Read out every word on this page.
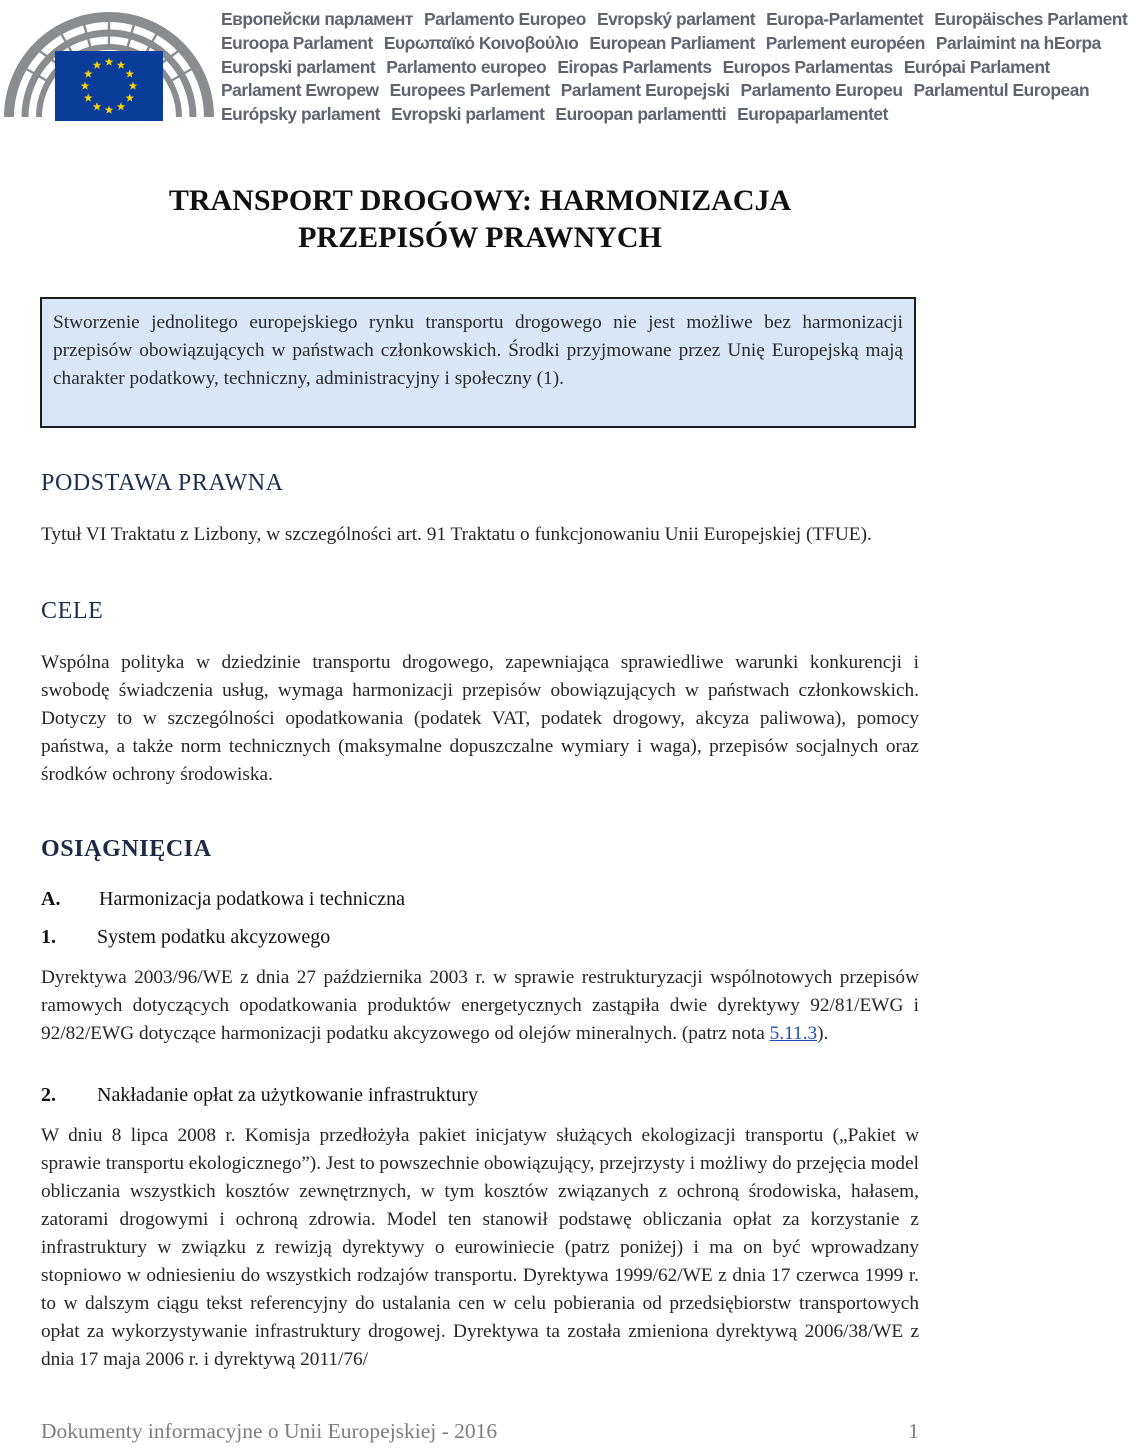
Европейски парламент Parlamento Europeo Evropský parlament Europa-Parlamentet Europäisches Parlament
Euroopa Parlament Ευρωπαϊκό Κοινοβούλιο European Parliament Parlement européen Parlaimint na hEorpa
Europski parlament Parlamento europeo Eiropas Parlaments Europos Parlamentas Európai Parlament
Parlament Ewropew Europees Parlement Parlament Europejski Parlamento Europeu Parlamentul European
Európsky parlament Evropski parlament Euroopan parlamentti Europaparlamentet
TRANSPORT DROGOWY: HARMONIZACJA
PRZEPISÓW PRAWNYCH

Stworzenie jednolitego europejskiego rynku transportu drogowego nie jest możliwe bez harmonizacji przepisów obowiązujących w państwach członkowskich. Środki przyjmowane przez Unię Europejską mają charakter podatkowy, techniczny, administracyjny i społeczny (1).

PODSTAWA PRAWNA

Tytuł VI Traktatu z Lizbony, w szczególności art. 91 Traktatu o funkcjonowaniu Unii Europejskiej (TFUE).

CELE

Wspólna polityka w dziedzinie transportu drogowego, zapewniająca sprawiedliwe warunki konkurencji i swobodę świadczenia usług, wymaga harmonizacji przepisów obowiązujących w państwach członkowskich. Dotyczy to w szczególności opodatkowania (podatek VAT, podatek drogowy, akcyza paliwowa), pomocy państwa, a także norm technicznych (maksymalne dopuszczalne wymiary i waga), przepisów socjalnych oraz środków ochrony środowiska.

OSIĄGNIĘCIA
A. Harmonizacja podatkowa i techniczna
1. System podatku akcyzowego

Dyrektywa 2003/96/WE z dnia 27 października 2003 r. w sprawie restrukturyzacji wspólnotowych przepisów ramowych dotyczących opodatkowania produktów energetycznych zastąpiła dwie dyrektywy 92/81/EWG i 92/82/EWG dotyczące harmonizacji podatku akcyzowego od olejów mineralnych. (patrz nota 5.11.3).

2. Nakładanie opłat za użytkowanie infrastruktury

W dniu 8 lipca 2008 r. Komisja przedłożyła pakiet inicjatyw służących ekologizacji transportu („Pakiet w sprawie transportu ekologicznego”). Jest to powszechnie obowiązujący, przejrzysty i możliwy do przejęcia model obliczania wszystkich kosztów zewnętrznych, w tym kosztów związanych z ochroną środowiska, hałasem, zatorami drogowymi i ochroną zdrowia. Model ten stanowił podstawę obliczania opłat za korzystanie z infrastruktury w związku z rewizją dyrektywy o eurowiniecie (patrz poniżej) i ma on być wprowadzany stopniowo w odniesieniu do wszystkich rodzajów transportu. Dyrektywa 1999/62/WE z dnia 17 czerwca 1999 r. to w dalszym ciągu tekst referencyjny do ustalania cen w celu pobierania od przedsiębiorstw transportowych opłat za wykorzystywanie infrastruktury drogowej. Dyrektywa ta została zmieniona dyrektywą 2006/38/WE z dnia 17 maja 2006 r. i dyrektywą 2011/76/

Dokumenty informacyjne o Unii Europejskiej - 2016	1
